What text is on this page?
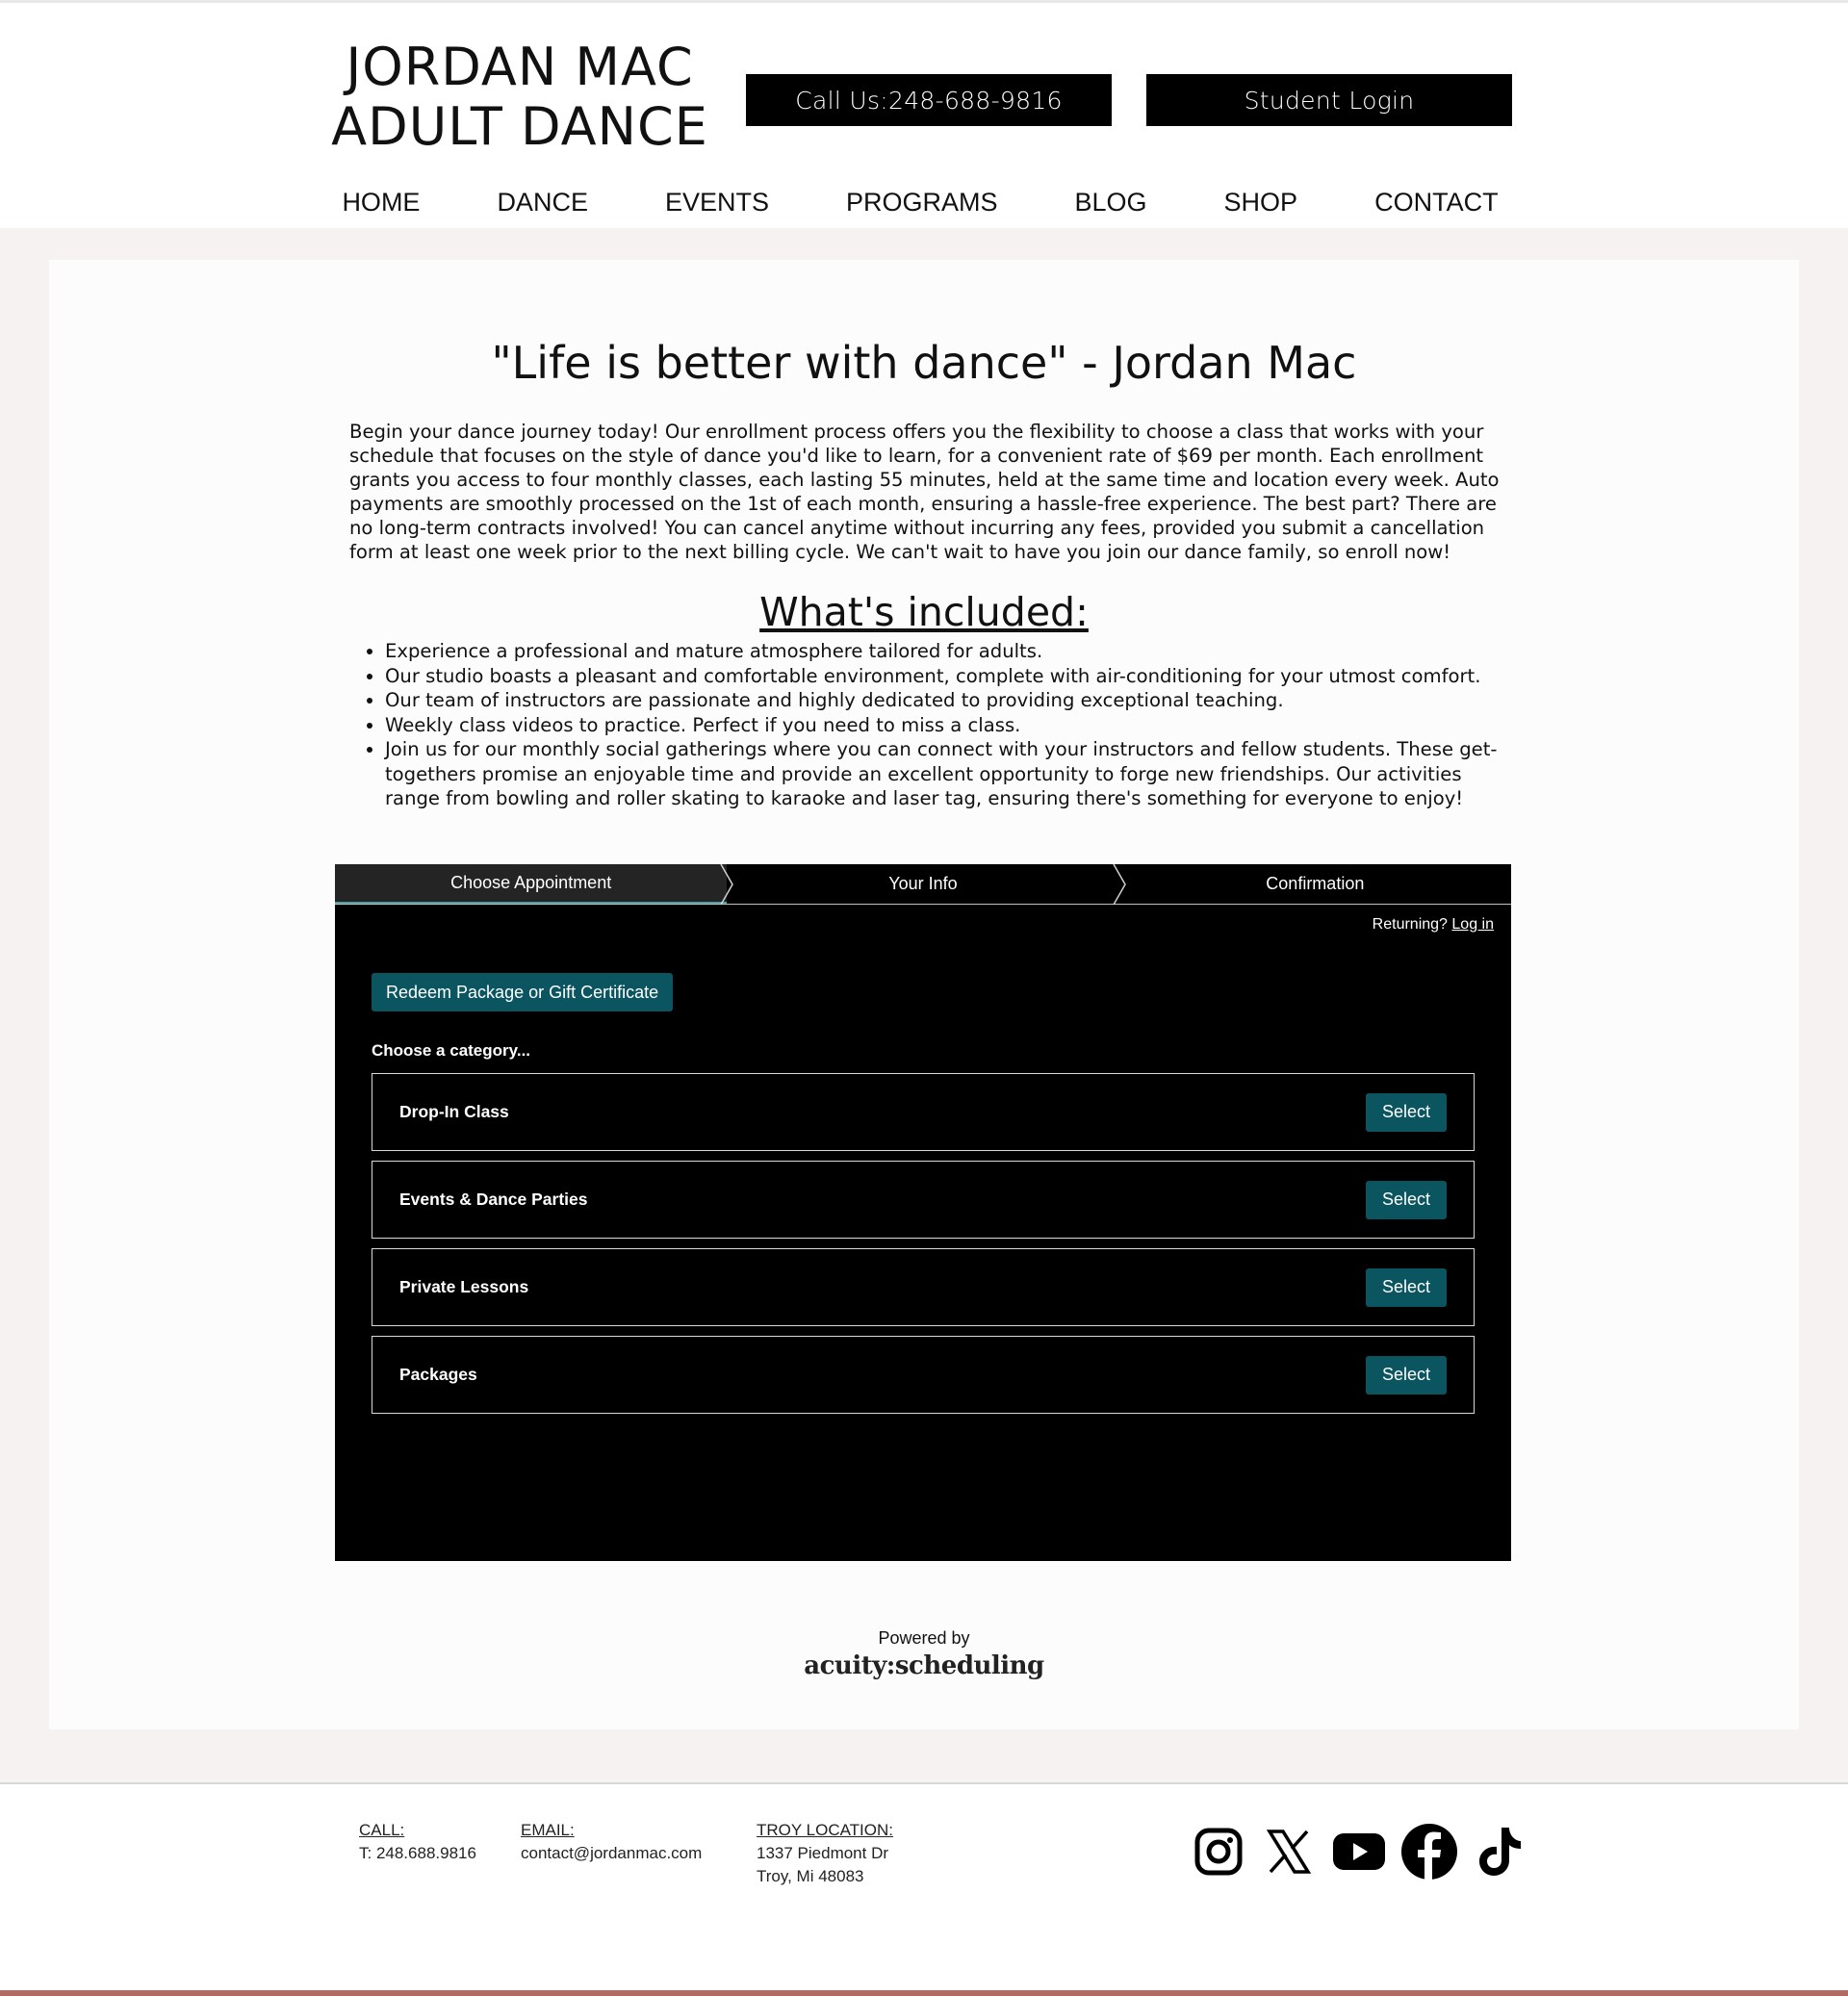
JORDAN MAC
ADULT DANCE	Call Us:248-688-9816	Student Login
HOME	DANCE	EVENTS	PROGRAMS	BLOG	SHOP	CONTACT
"Life is better with dance" - Jordan Mac
Begin your dance journey today! Our enrollment process offers you the flexibility to choose a class that works with your schedule that focuses on the style of dance you'd like to learn, for a convenient rate of $69 per month. Each enrollment grants you access to four monthly classes, each lasting 55 minutes, held at the same time and location every week. Auto payments are smoothly processed on the 1st of each month, ensuring a hassle-free experience. The best part? There are no long-term contracts involved! You can cancel anytime without incurring any fees, provided you submit a cancellation form at least one week prior to the next billing cycle. We can't wait to have you join our dance family, so enroll now!
What's included:
• Experience a professional and mature atmosphere tailored for adults.
• Our studio boasts a pleasant and comfortable environment, complete with air-conditioning for your utmost comfort.
• Our team of instructors are passionate and highly dedicated to providing exceptional teaching.
• Weekly class videos to practice. Perfect if you need to miss a class.
• Join us for our monthly social gatherings where you can connect with your instructors and fellow students. These get-togethers promise an enjoyable time and provide an excellent opportunity to forge new friendships. Our activities range from bowling and roller skating to karaoke and laser tag, ensuring there's something for everyone to enjoy!
Choose Appointment	Your Info	Confirmation
Returning? Log in
Redeem Package or Gift Certificate
Choose a category...
Drop-In Class	Select
Events & Dance Parties	Select
Private Lessons	Select
Packages	Select
Powered by
acuity:scheduling
CALL:
T: 248.688.9816
EMAIL:
contact@jordanmac.com
TROY LOCATION:
1337 Piedmont Dr
Troy, Mi 48083
